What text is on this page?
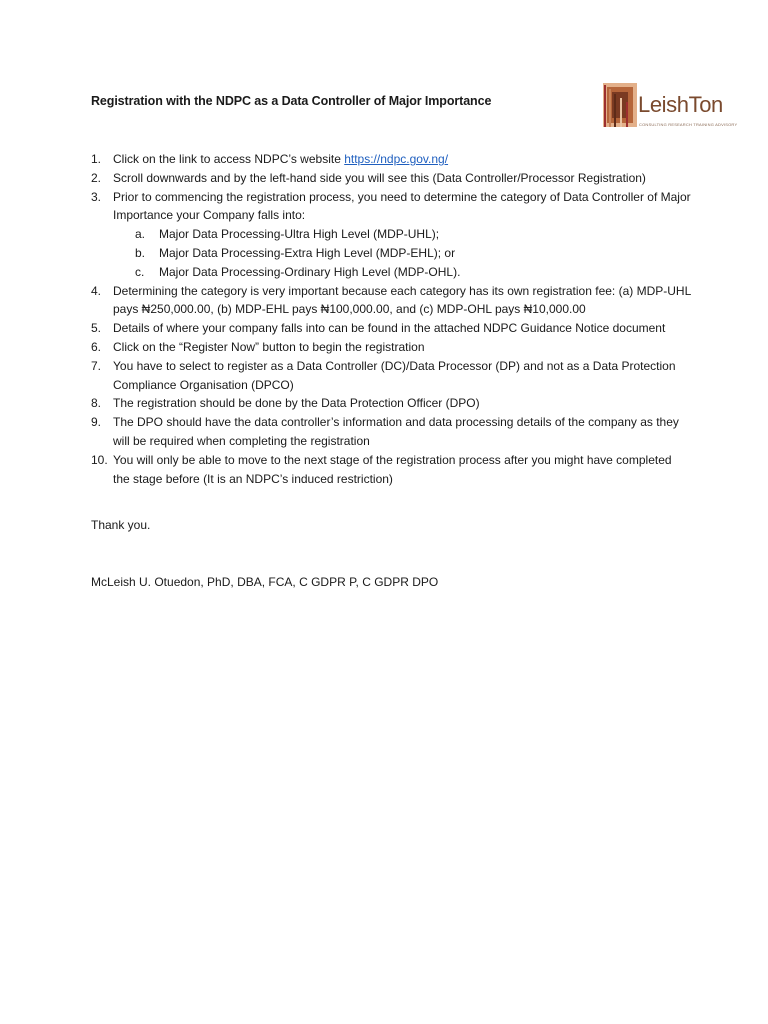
Registration with the NDPC as a Data Controller of Major Importance	LeishTon
CONSULTING RESEARCH TRAINING ADVISORY
1. Click on the link to access NDPC’s website https://ndpc.gov.ng/
2. Scroll downwards and by the left-hand side you will see this (Data Controller/Processor Registration)
3. Prior to commencing the registration process, you need to determine the category of Data Controller of Major Importance your Company falls into:
a. Major Data Processing-Ultra High Level (MDP-UHL);
b. Major Data Processing-Extra High Level (MDP-EHL); or
c. Major Data Processing-Ordinary High Level (MDP-OHL).
4. Determining the category is very important because each category has its own registration fee: (a) MDP-UHL pays ₦250,000.00, (b) MDP-EHL pays ₦100,000.00, and (c) MDP-OHL pays ₦10,000.00
5. Details of where your company falls into can be found in the attached NDPC Guidance Notice document
6. Click on the “Register Now” button to begin the registration
7. You have to select to register as a Data Controller (DC)/Data Processor (DP) and not as a Data Protection Compliance Organisation (DPCO)
8. The registration should be done by the Data Protection Officer (DPO)
9. The DPO should have the data controller’s information and data processing details of the company as they will be required when completing the registration
10. You will only be able to move to the next stage of the registration process after you might have completed the stage before (It is an NDPC’s induced restriction)
Thank you.
McLeish U. Otuedon, PhD, DBA, FCA, C GDPR P, C GDPR DPO
